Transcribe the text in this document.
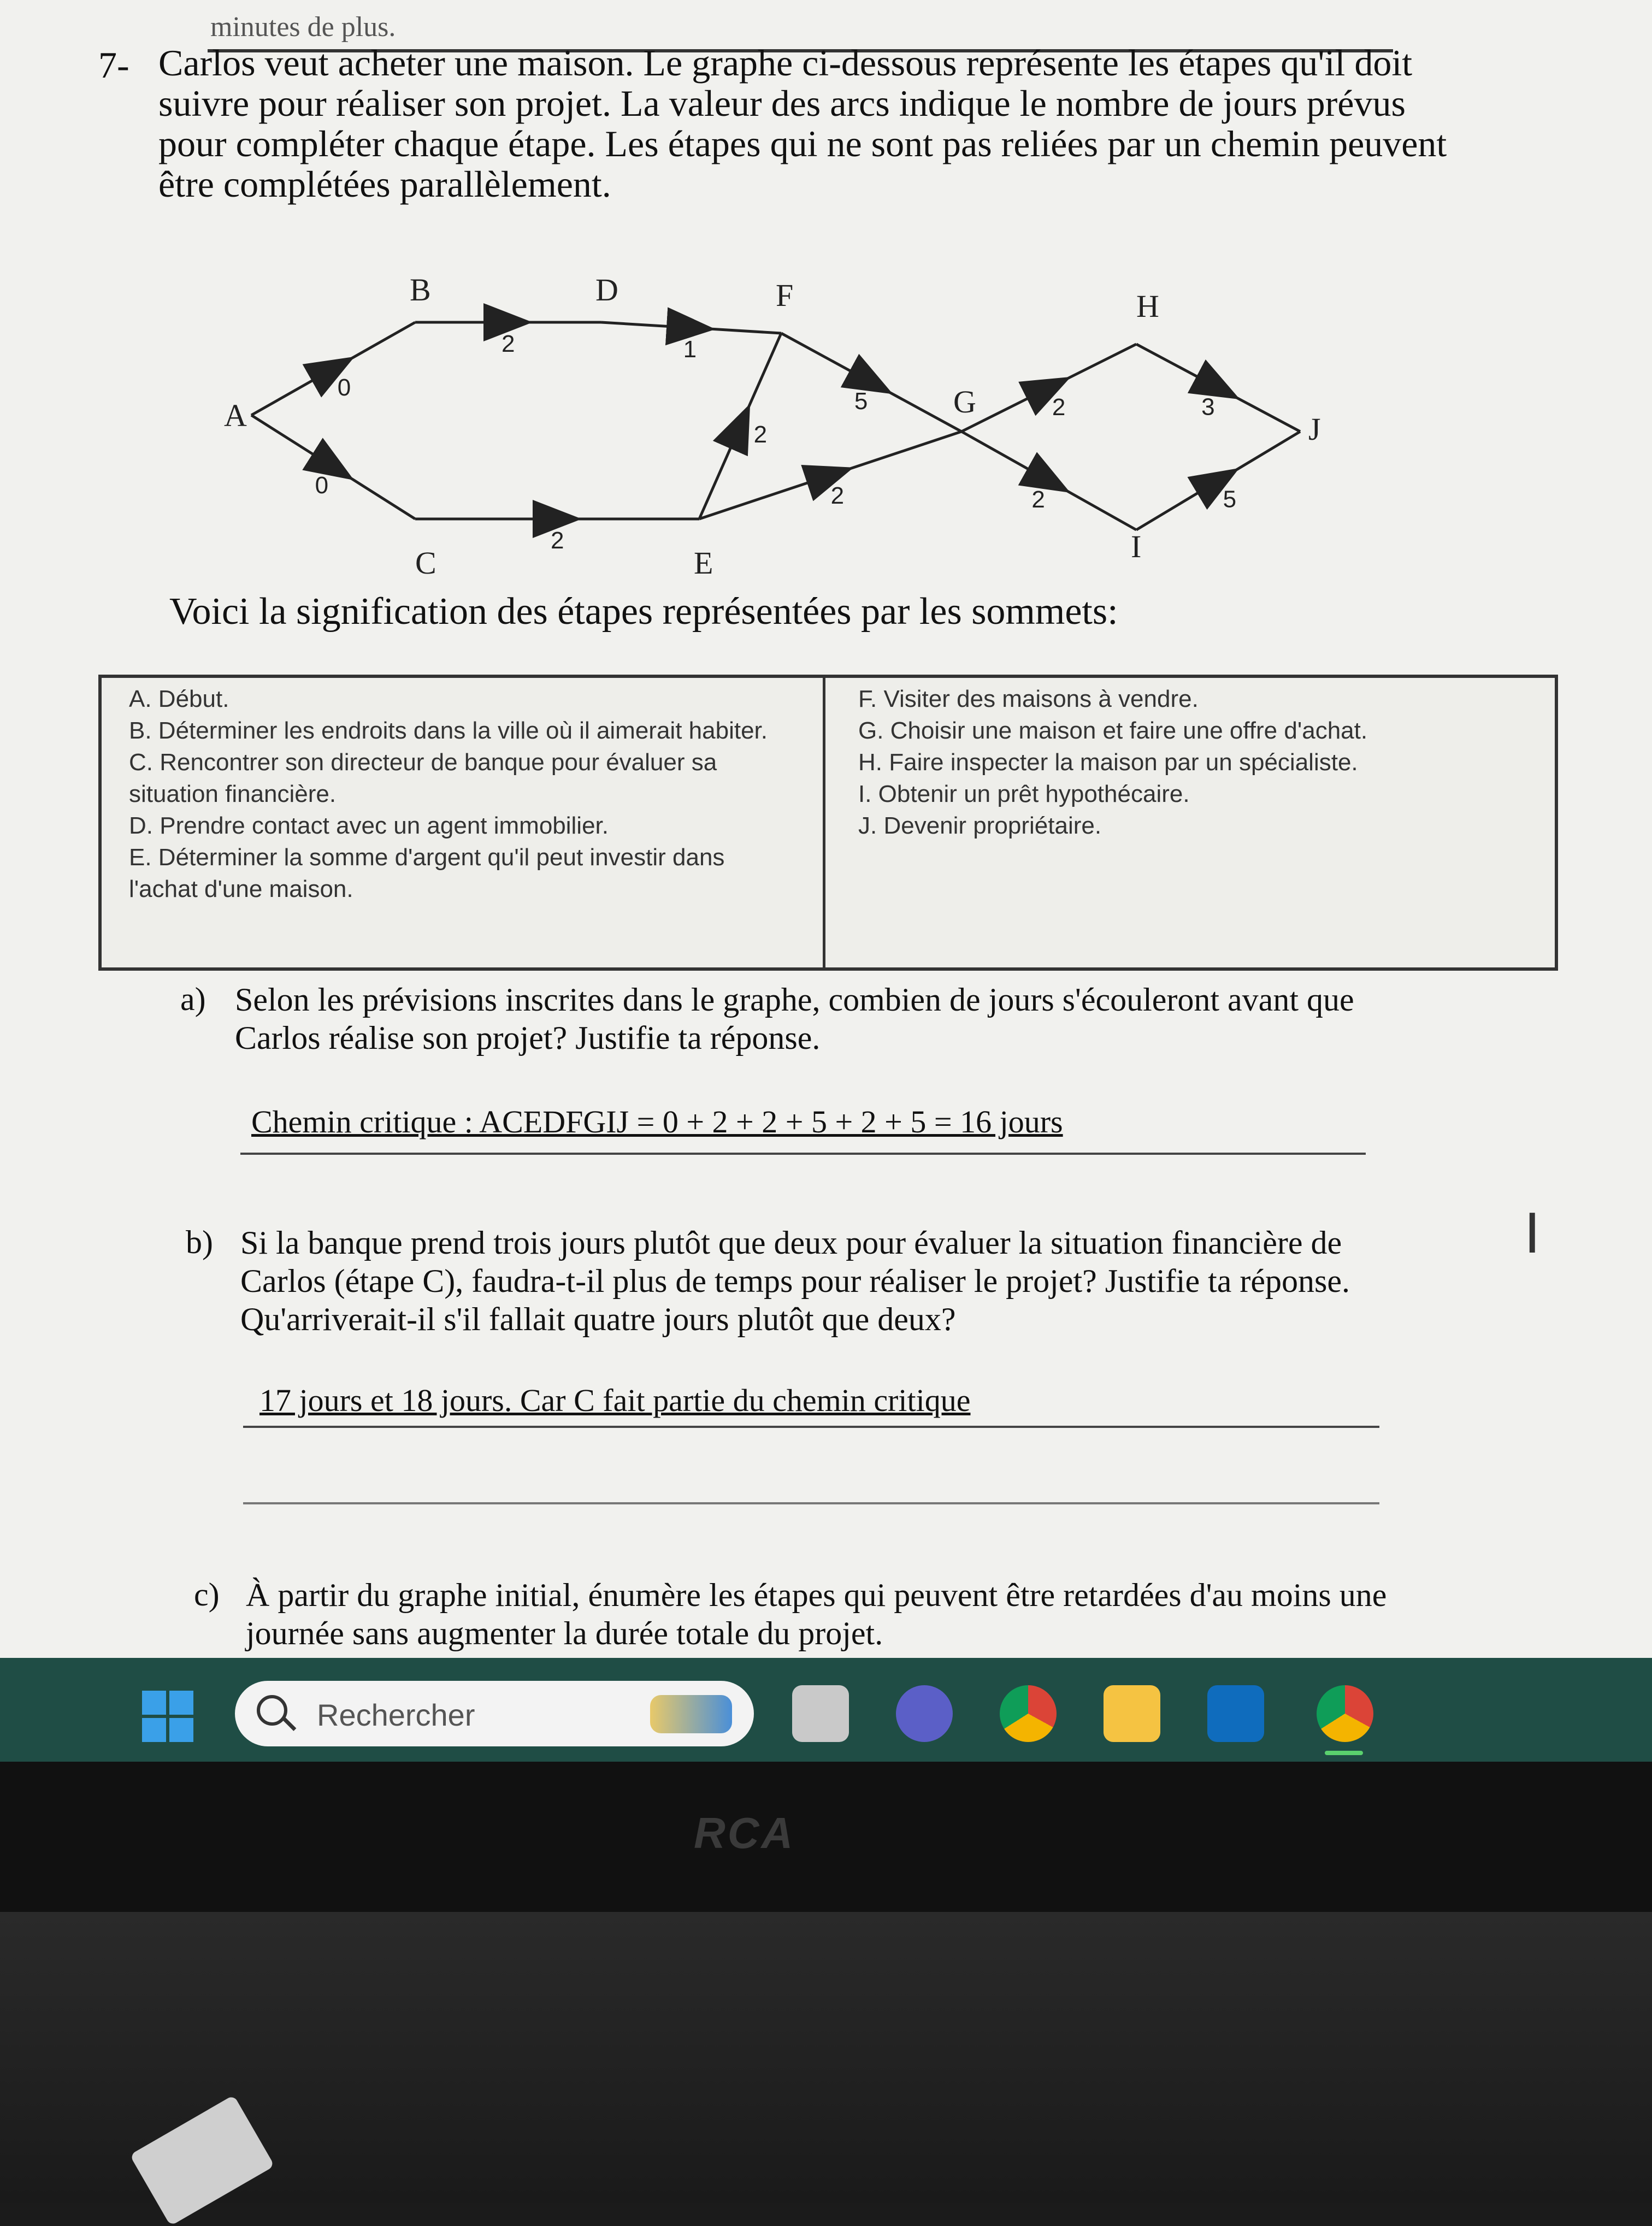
minutes de plus.
7- Carlos veut acheter une maison. Le graphe ci-dessous représente les étapes qu'il doit suivre pour réaliser son projet. La valeur des arcs indique le nombre de jours prévus pour compléter chaque étape. Les étapes qui ne sont pas reliées par un chemin peuvent être complétées parallèlement.
0
0
2	1
2
2
5
2
2
2
3
5
A
B
C
D
E
F
G
H
I
J
Voici la signification des étapes représentées par les sommets:

A. Début.

B. Déterminer les endroits dans la ville où il aimerait habiter.

C. Rencontrer son directeur de banque pour évaluer sa situation financière.

D. Prendre contact avec un agent immobilier.

E. Déterminer la somme d'argent qu'il peut investir dans l'achat d'une maison.

F. Visiter des maisons à vendre.

G. Choisir une maison et faire une offre d'achat.

H. Faire inspecter la maison par un spécialiste.

I. Obtenir un prêt hypothécaire.

J. Devenir propriétaire.

a) Selon les prévisions inscrites dans le graphe, combien de jours s'écouleront avant que Carlos réalise son projet? Justifie ta réponse.
Chemin critique : ACEDFGIJ = 0 + 2 + 2 + 5 + 2 + 5 = 16 jours
b) Si la banque prend trois jours plutôt que deux pour évaluer la situation financière de Carlos (étape C), faudra-t-il plus de temps pour réaliser le projet? Justifie ta réponse. Qu'arriverait-il s'il fallait quatre jours plutôt que deux?
17 jours et 18 jours. Car C fait partie du chemin critique
c) À partir du graphe initial, énumère les étapes qui peuvent être retardées d'au moins une journée sans augmenter la durée totale du projet.
I
Rechercher
RCA
